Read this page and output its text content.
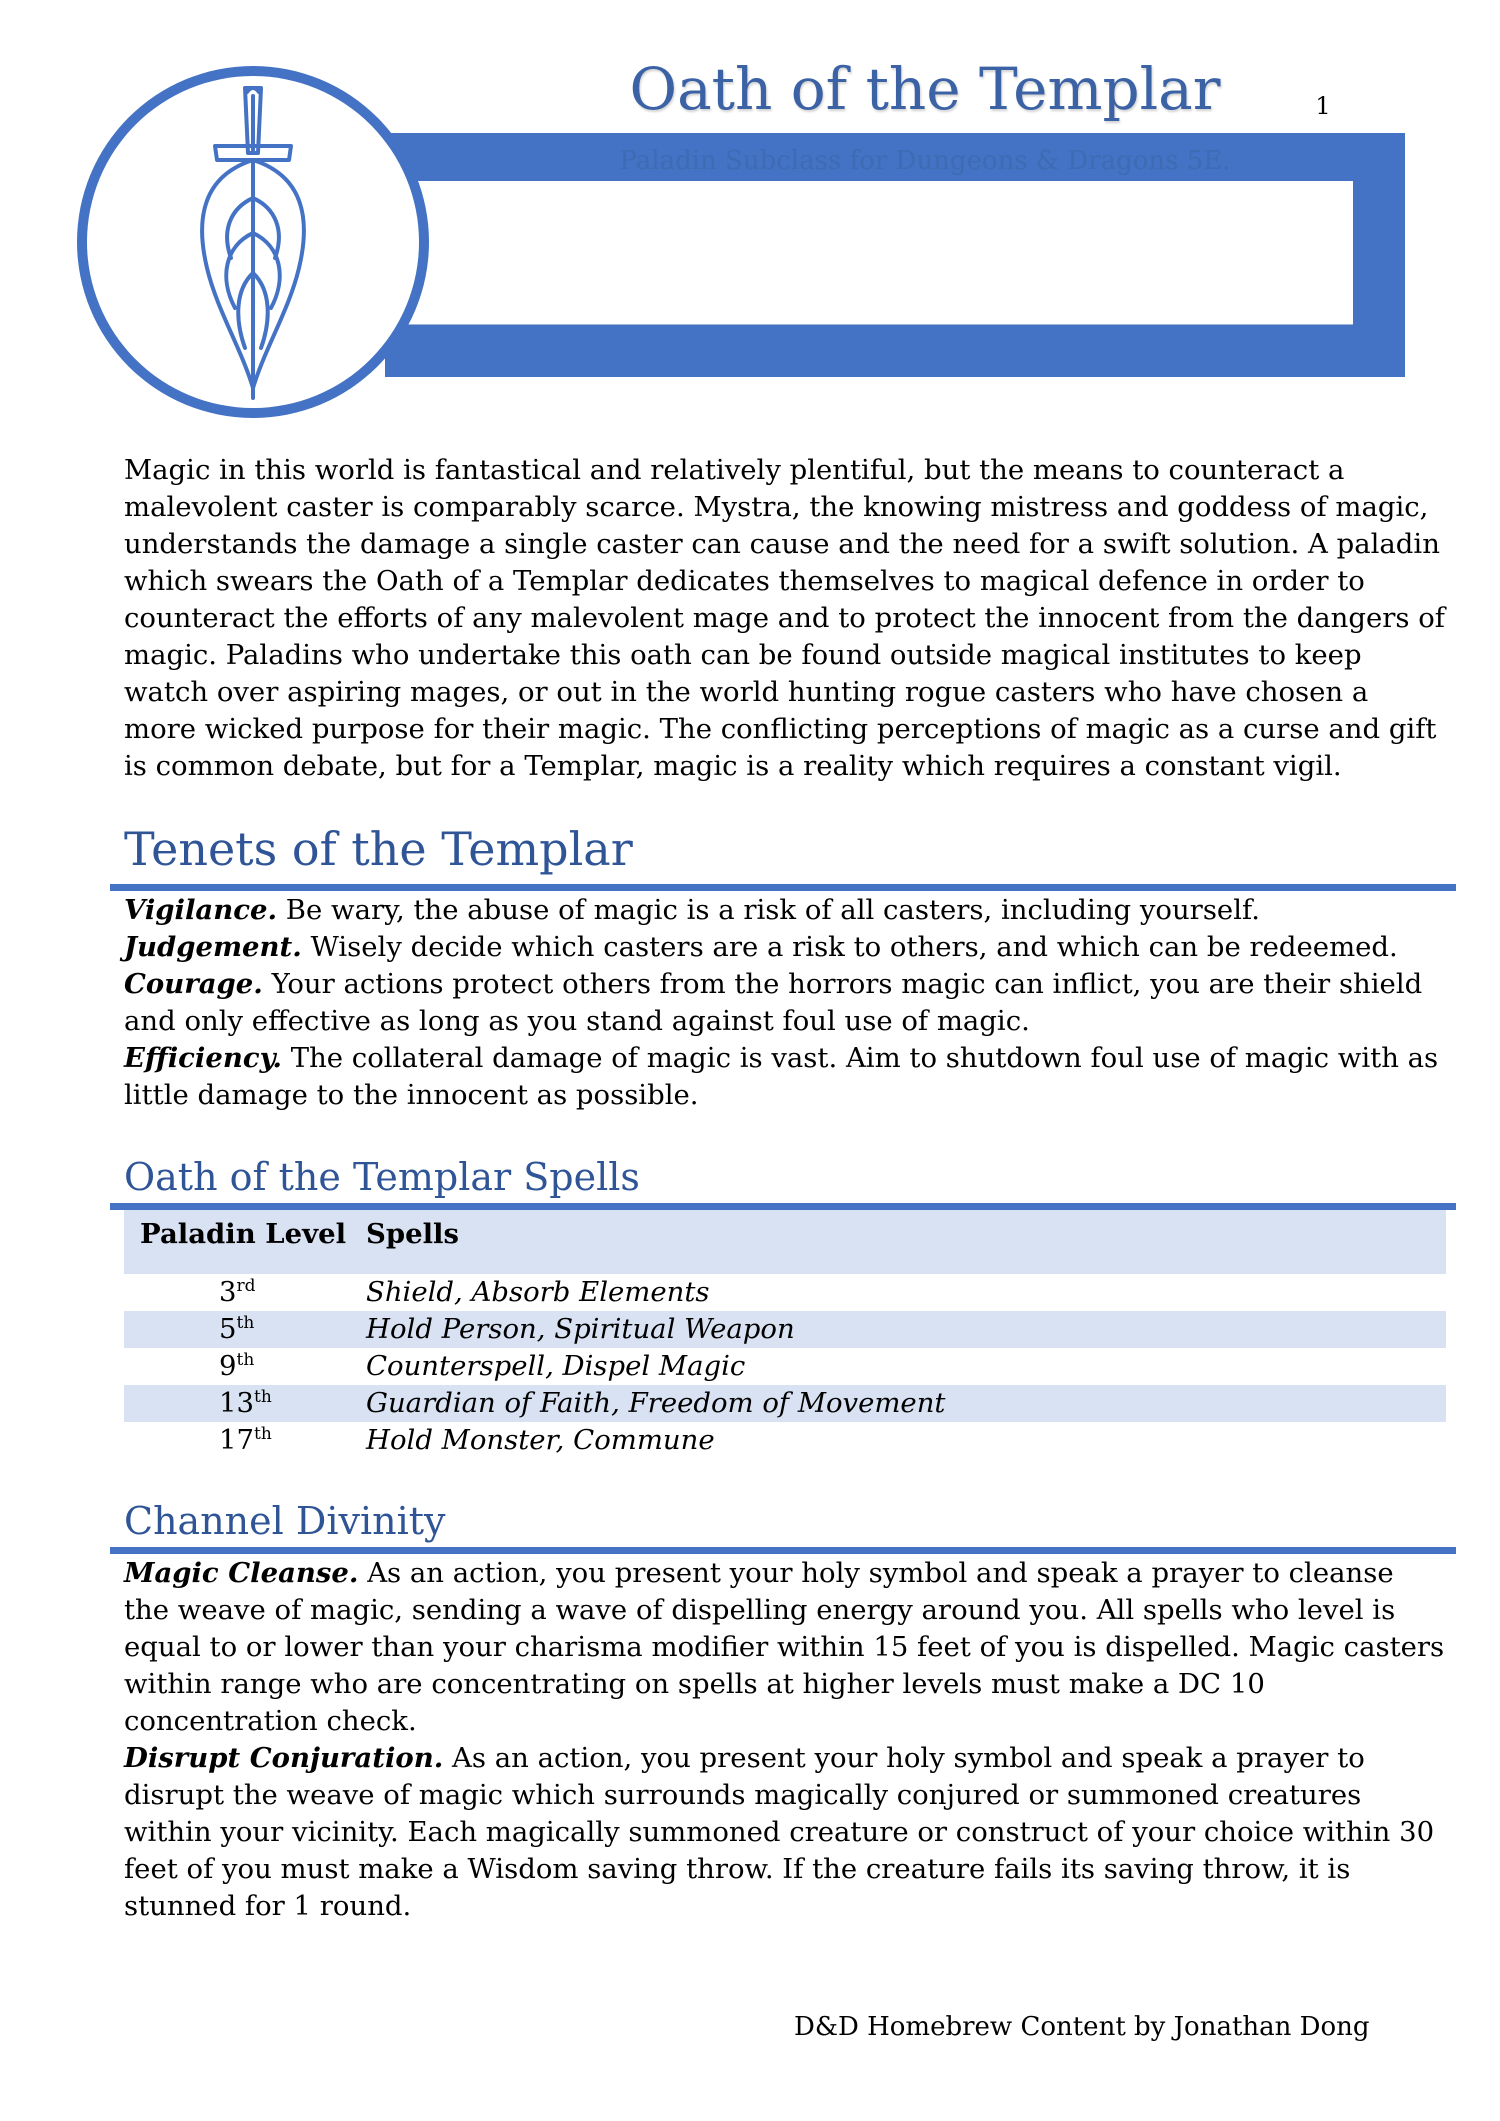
1
Oath of the Templar
Paladin Subclass for Dungeons & Dragons 5E.
Magic in this world is fantastical and relatively plentiful, but the means to counteract a malevolent caster is comparably scarce. Mystra, the knowing mistress and goddess of magic, understands the damage a single caster can cause and the need for a swift solution. A paladin which swears the Oath of a Templar dedicates themselves to magical defence in order to counteract the efforts of any malevolent mage and to protect the innocent from the dangers of magic. Paladins who undertake this oath can be found outside magical institutes to keep watch over aspiring mages, or out in the world hunting rogue casters who have chosen a more wicked purpose for their magic. The conflicting perceptions of magic as a curse and gift is common debate, but for a Templar, magic is a reality which requires a constant vigil.
Tenets of the Templar
Vigilance. Be wary, the abuse of magic is a risk of all casters, including yourself.
Judgement. Wisely decide which casters are a risk to others, and which can be redeemed.
Courage. Your actions protect others from the horrors magic can inflict, you are their shield and only effective as long as you stand against foul use of magic.
Efficiency. The collateral damage of magic is vast. Aim to shutdown foul use of magic with as little damage to the innocent as possible.
Oath of the Templar Spells
Paladin Level Spells
3rd	Shield, Absorb Elements
5th	Hold Person, Spiritual Weapon
9th	Counterspell, Dispel Magic
13th	Guardian of Faith, Freedom of Movement
17th	Hold Monster, Commune
Channel Divinity
Magic Cleanse. As an action, you present your holy symbol and speak a prayer to cleanse the weave of magic, sending a wave of dispelling energy around you. All spells who level is equal to or lower than your charisma modifier within 15 feet of you is dispelled. Magic casters within range who are concentrating on spells at higher levels must make a DC 10 concentration check.
Disrupt Conjuration. As an action, you present your holy symbol and speak a prayer to disrupt the weave of magic which surrounds magically conjured or summoned creatures within your vicinity. Each magically summoned creature or construct of your choice within 30 feet of you must make a Wisdom saving throw. If the creature fails its saving throw, it is stunned for 1 round.
D&D Homebrew Content by Jonathan Dong
